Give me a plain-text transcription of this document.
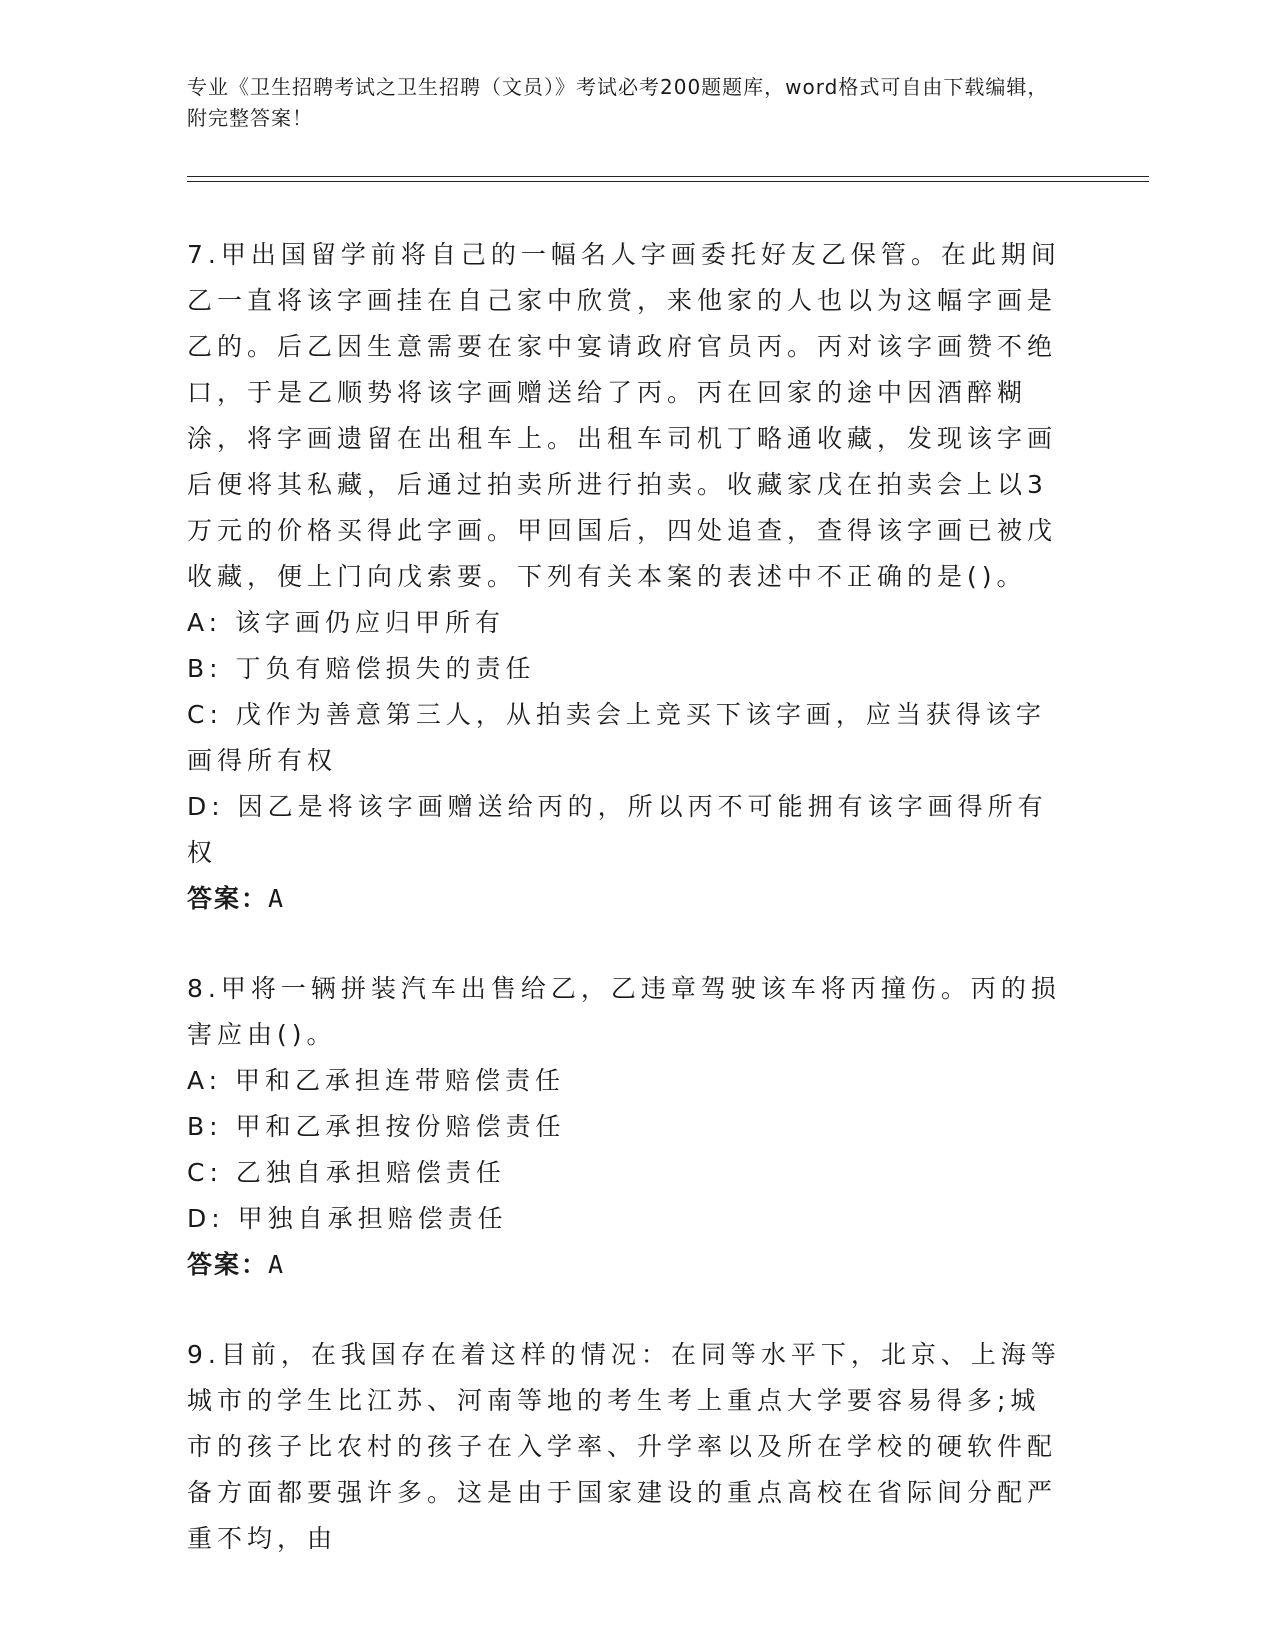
专业《卫生招聘考试之卫生招聘（文员）》考试必考200题题库，word格式可自由下载编辑，附完整答案！

7.甲出国留学前将自己的一幅名人字画委托好友乙保管。在此期间乙一直将该字画挂在自己家中欣赏，来他家的人也以为这幅字画是乙的。后乙因生意需要在家中宴请政府官员丙。丙对该字画赞不绝口，于是乙顺势将该字画赠送给了丙。丙在回家的途中因酒醉糊涂，将字画遗留在出租车上。出租车司机丁略通收藏，发现该字画后便将其私藏，后通过拍卖所进行拍卖。收藏家戊在拍卖会上以3万元的价格买得此字画。甲回国后，四处追查，查得该字画已被戊收藏，便上门向戊索要。下列有关本案的表述中不正确的是()。

A: 该字画仍应归甲所有

B: 丁负有赔偿损失的责任

C: 戊作为善意第三人，从拍卖会上竞买下该字画，应当获得该字画得所有权

D: 因乙是将该字画赠送给丙的，所以丙不可能拥有该字画得所有权

答案：A

8.甲将一辆拼装汽车出售给乙，乙违章驾驶该车将丙撞伤。丙的损害应由()。

A: 甲和乙承担连带赔偿责任

B: 甲和乙承担按份赔偿责任

C: 乙独自承担赔偿责任

D: 甲独自承担赔偿责任

答案：A

9.目前，在我国存在着这样的情况：在同等水平下，北京、上海等城市的学生比江苏、河南等地的考生考上重点大学要容易得多;城市的孩子比农村的孩子在入学率、升学率以及所在学校的硬软件配备方面都要强许多。这是由于国家建设的重点高校在省际间分配严重不均，由
